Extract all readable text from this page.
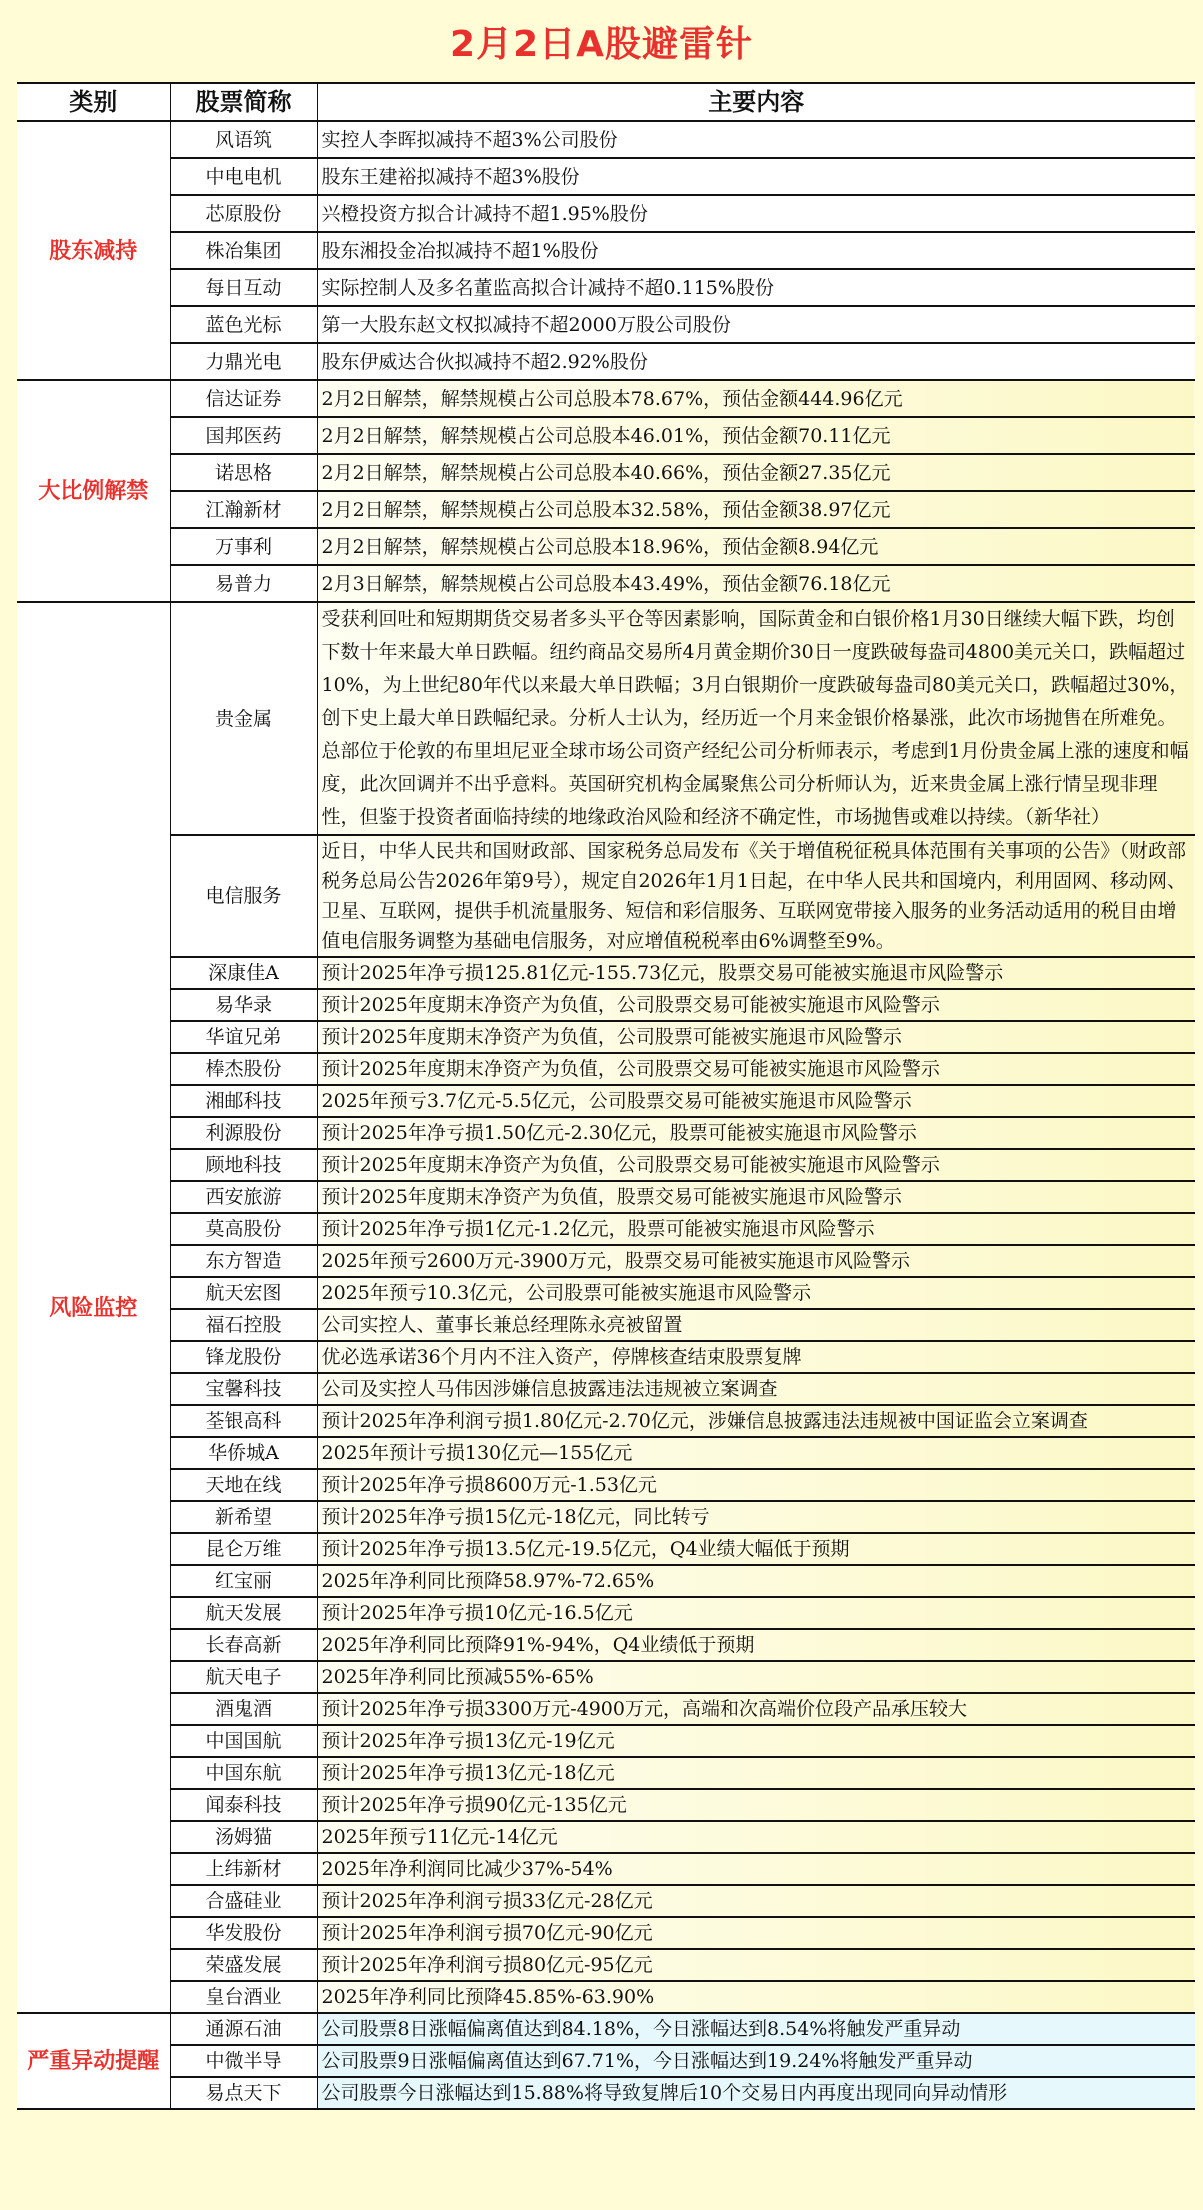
2月2日A股避雷针
类别	股票简称	主要内容
股东减持	风语筑	实控人李晖拟减持不超3%公司股份
	中电电机	股东王建裕拟减持不超3%股份
	芯原股份	兴橙投资方拟合计减持不超1.95%股份
	株冶集团	股东湘投金冶拟减持不超1%股份
	每日互动	实际控制人及多名董监高拟合计减持不超0.115%股份
	蓝色光标	第一大股东赵文权拟减持不超2000万股公司股份
	力鼎光电	股东伊威达合伙拟减持不超2.92%股份
大比例解禁	信达证券	2月2日解禁，解禁规模占公司总股本78.67%，预估金额444.96亿元
	国邦医药	2月2日解禁，解禁规模占公司总股本46.01%，预估金额70.11亿元
	诺思格	2月2日解禁，解禁规模占公司总股本40.66%，预估金额27.35亿元
	江瀚新材	2月2日解禁，解禁规模占公司总股本32.58%，预估金额38.97亿元
	万事利	2月2日解禁，解禁规模占公司总股本18.96%，预估金额8.94亿元
	易普力	2月3日解禁，解禁规模占公司总股本43.49%，预估金额76.18亿元
风险监控	贵金属	受获利回吐和短期期货交易者多头平仓等因素影响，国际黄金和白银价格1月30日继续大幅下跌，均创下数十年来最大单日跌幅。纽约商品交易所4月黄金期价30日一度跌破每盎司4800美元关口，跌幅超过10%，为上世纪80年代以来最大单日跌幅；3月白银期价一度跌破每盎司80美元关口，跌幅超过30%，创下史上最大单日跌幅纪录。分析人士认为，经历近一个月来金银价格暴涨，此次市场抛售在所难免。总部位于伦敦的布里坦尼亚全球市场公司资产经纪公司分析师表示，考虑到1月份贵金属上涨的速度和幅度，此次回调并不出乎意料。英国研究机构金属聚焦公司分析师认为，近来贵金属上涨行情呈现非理性，但鉴于投资者面临持续的地缘政治风险和经济不确定性，市场抛售或难以持续。（新华社）
	电信服务	近日，中华人民共和国财政部、国家税务总局发布《关于增值税征税具体范围有关事项的公告》（财政部 税务总局公告2026年第9号），规定自2026年1月1日起，在中华人民共和国境内，利用固网、移动网、卫星、互联网，提供手机流量服务、短信和彩信服务、互联网宽带接入服务的业务活动适用的税目由增值电信服务调整为基础电信服务，对应增值税税率由6%调整至9%。
	深康佳A	预计2025年净亏损125.81亿元-155.73亿元，股票交易可能被实施退市风险警示
	易华录	预计2025年度期末净资产为负值，公司股票交易可能被实施退市风险警示
	华谊兄弟	预计2025年度期末净资产为负值，公司股票可能被实施退市风险警示
	棒杰股份	预计2025年度期末净资产为负值，公司股票交易可能被实施退市风险警示
	湘邮科技	2025年预亏3.7亿元-5.5亿元，公司股票交易可能被实施退市风险警示
	利源股份	预计2025年净亏损1.50亿元-2.30亿元，股票可能被实施退市风险警示
	顾地科技	预计2025年度期末净资产为负值，公司股票交易可能被实施退市风险警示
	西安旅游	预计2025年度期末净资产为负值，股票交易可能被实施退市风险警示
	莫高股份	预计2025年净亏损1亿元-1.2亿元，股票可能被实施退市风险警示
	东方智造	2025年预亏2600万元-3900万元，股票交易可能被实施退市风险警示
	航天宏图	2025年预亏10.3亿元，公司股票可能被实施退市风险警示
	福石控股	公司实控人、董事长兼总经理陈永亮被留置
	锋龙股份	优必选承诺36个月内不注入资产，停牌核查结束股票复牌
	宝馨科技	公司及实控人马伟因涉嫌信息披露违法违规被立案调查
	荃银高科	预计2025年净利润亏损1.80亿元-2.70亿元，涉嫌信息披露违法违规被中国证监会立案调查
	华侨城A	2025年预计亏损130亿元—155亿元
	天地在线	预计2025年净亏损8600万元-1.53亿元
	新希望	预计2025年净亏损15亿元-18亿元，同比转亏
	昆仑万维	预计2025年净亏损13.5亿元-19.5亿元，Q4业绩大幅低于预期
	红宝丽	2025年净利同比预降58.97%-72.65%
	航天发展	预计2025年净亏损10亿元-16.5亿元
	长春高新	2025年净利同比预降91%-94%，Q4业绩低于预期
	航天电子	2025年净利同比预减55%-65%
	酒鬼酒	预计2025年净亏损3300万元-4900万元，高端和次高端价位段产品承压较大
	中国国航	预计2025年净亏损13亿元-19亿元
	中国东航	预计2025年净亏损13亿元-18亿元
	闻泰科技	预计2025年净亏损90亿元-135亿元
	汤姆猫	2025年预亏11亿元-14亿元
	上纬新材	2025年净利润同比减少37%-54%
	合盛硅业	预计2025年净利润亏损33亿元-28亿元
	华发股份	预计2025年净利润亏损70亿元-90亿元
	荣盛发展	预计2025年净利润亏损80亿元-95亿元
	皇台酒业	2025年净利同比预降45.85%-63.90%
严重异动提醒	通源石油	公司股票8日涨幅偏离值达到84.18%，今日涨幅达到8.54%将触发严重异动
	中微半导	公司股票9日涨幅偏离值达到67.71%，今日涨幅达到19.24%将触发严重异动
	易点天下	公司股票今日涨幅达到15.88%将导致复牌后10个交易日内再度出现同向异动情形
